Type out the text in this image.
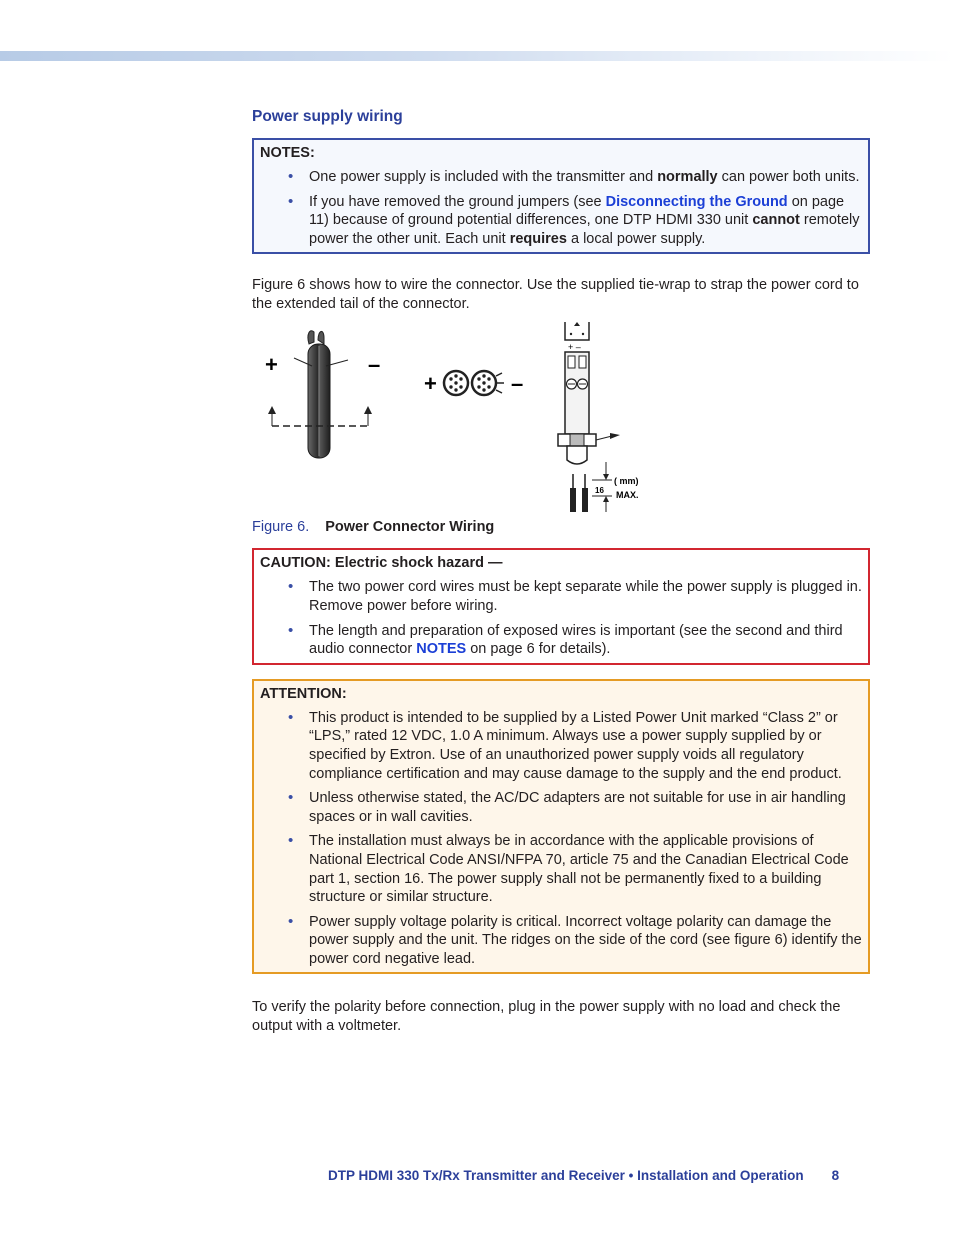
Power supply wiring
NOTES:
• One power supply is included with the transmitter and normally can power both units.
• If you have removed the ground jumpers (see Disconnecting the Ground on page 11) because of ground potential differences, one DTP HDMI 330 unit cannot remotely power the other unit. Each unit requires a local power supply.

Figure 6 shows how to wire the connector. Use the supplied tie-wrap to strap the power cord to the extended tail of the connector.

+	–
+	–
+ –
16
( mm)
MAX.
Figure 6. Power Connector Wiring
CAUTION: Electric shock hazard —
• The two power cord wires must be kept separate while the power supply is plugged in. Remove power before wiring.
• The length and preparation of exposed wires is important (see the second and third audio connector NOTES on page 6 for details).
ATTENTION:
• This product is intended to be supplied by a Listed Power Unit marked “Class 2” or “LPS,” rated 12 VDC, 1.0 A minimum. Always use a power supply supplied by or specified by Extron. Use of an unauthorized power supply voids all regulatory compliance certification and may cause damage to the supply and the end product.
• Unless otherwise stated, the AC/DC adapters are not suitable for use in air handling spaces or in wall cavities.
• The installation must always be in accordance with the applicable provisions of National Electrical Code ANSI/NFPA 70, article 75 and the Canadian Electrical Code part 1, section 16. The power supply shall not be permanently fixed to a building structure or similar structure.
• Power supply voltage polarity is critical. Incorrect voltage polarity can damage the power supply and the unit. The ridges on the side of the cord (see figure 6) identify the power cord negative lead.

To verify the polarity before connection, plug in the power supply with no load and check the output with a voltmeter.

DTP HDMI 330 Tx/Rx Transmitter and Receiver • Installation and Operation 8
